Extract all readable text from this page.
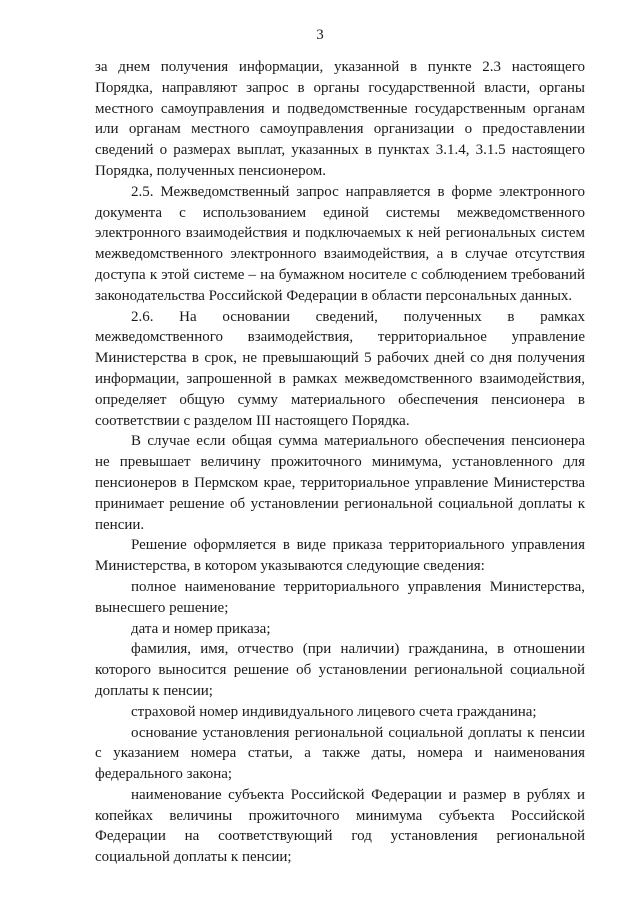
3

за днем получения информации, указанной в пункте 2.3 настоящего Порядка, направляют запрос в органы государственной власти, органы местного самоуправления и подведомственные государственным органам или органам местного самоуправления организации о предоставлении сведений о размерах выплат, указанных в пунктах 3.1.4, 3.1.5 настоящего Порядка, полученных пенсионером.

2.5. Межведомственный запрос направляется в форме электронного документа с использованием единой системы межведомственного электронного взаимодействия и подключаемых к ней региональных систем межведомственного электронного взаимодействия, а в случае отсутствия доступа к этой системе – на бумажном носителе с соблюдением требований законодательства Российской Федерации в области персональных данных.

2.6. На основании сведений, полученных в рамках межведомственного взаимодействия, территориальное управление Министерства в срок, не превышающий 5 рабочих дней со дня получения информации, запрошенной в рамках межведомственного взаимодействия, определяет общую сумму материального обеспечения пенсионера в соответствии с разделом III настоящего Порядка.

В случае если общая сумма материального обеспечения пенсионера не превышает величину прожиточного минимума, установленного для пенсионеров в Пермском крае, территориальное управление Министерства принимает решение об установлении региональной социальной доплаты к пенсии.

Решение оформляется в виде приказа территориального управления Министерства, в котором указываются следующие сведения:

полное наименование территориального управления Министерства, вынесшего решение;

дата и номер приказа;

фамилия, имя, отчество (при наличии) гражданина, в отношении которого выносится решение об установлении региональной социальной доплаты к пенсии;

страховой номер индивидуального лицевого счета гражданина;

основание установления региональной социальной доплаты к пенсии с указанием номера статьи, а также даты, номера и наименования федерального закона;

наименование субъекта Российской Федерации и размер в рублях и копейках величины прожиточного минимума субъекта Российской Федерации на соответствующий год установления региональной социальной доплаты к пенсии;
